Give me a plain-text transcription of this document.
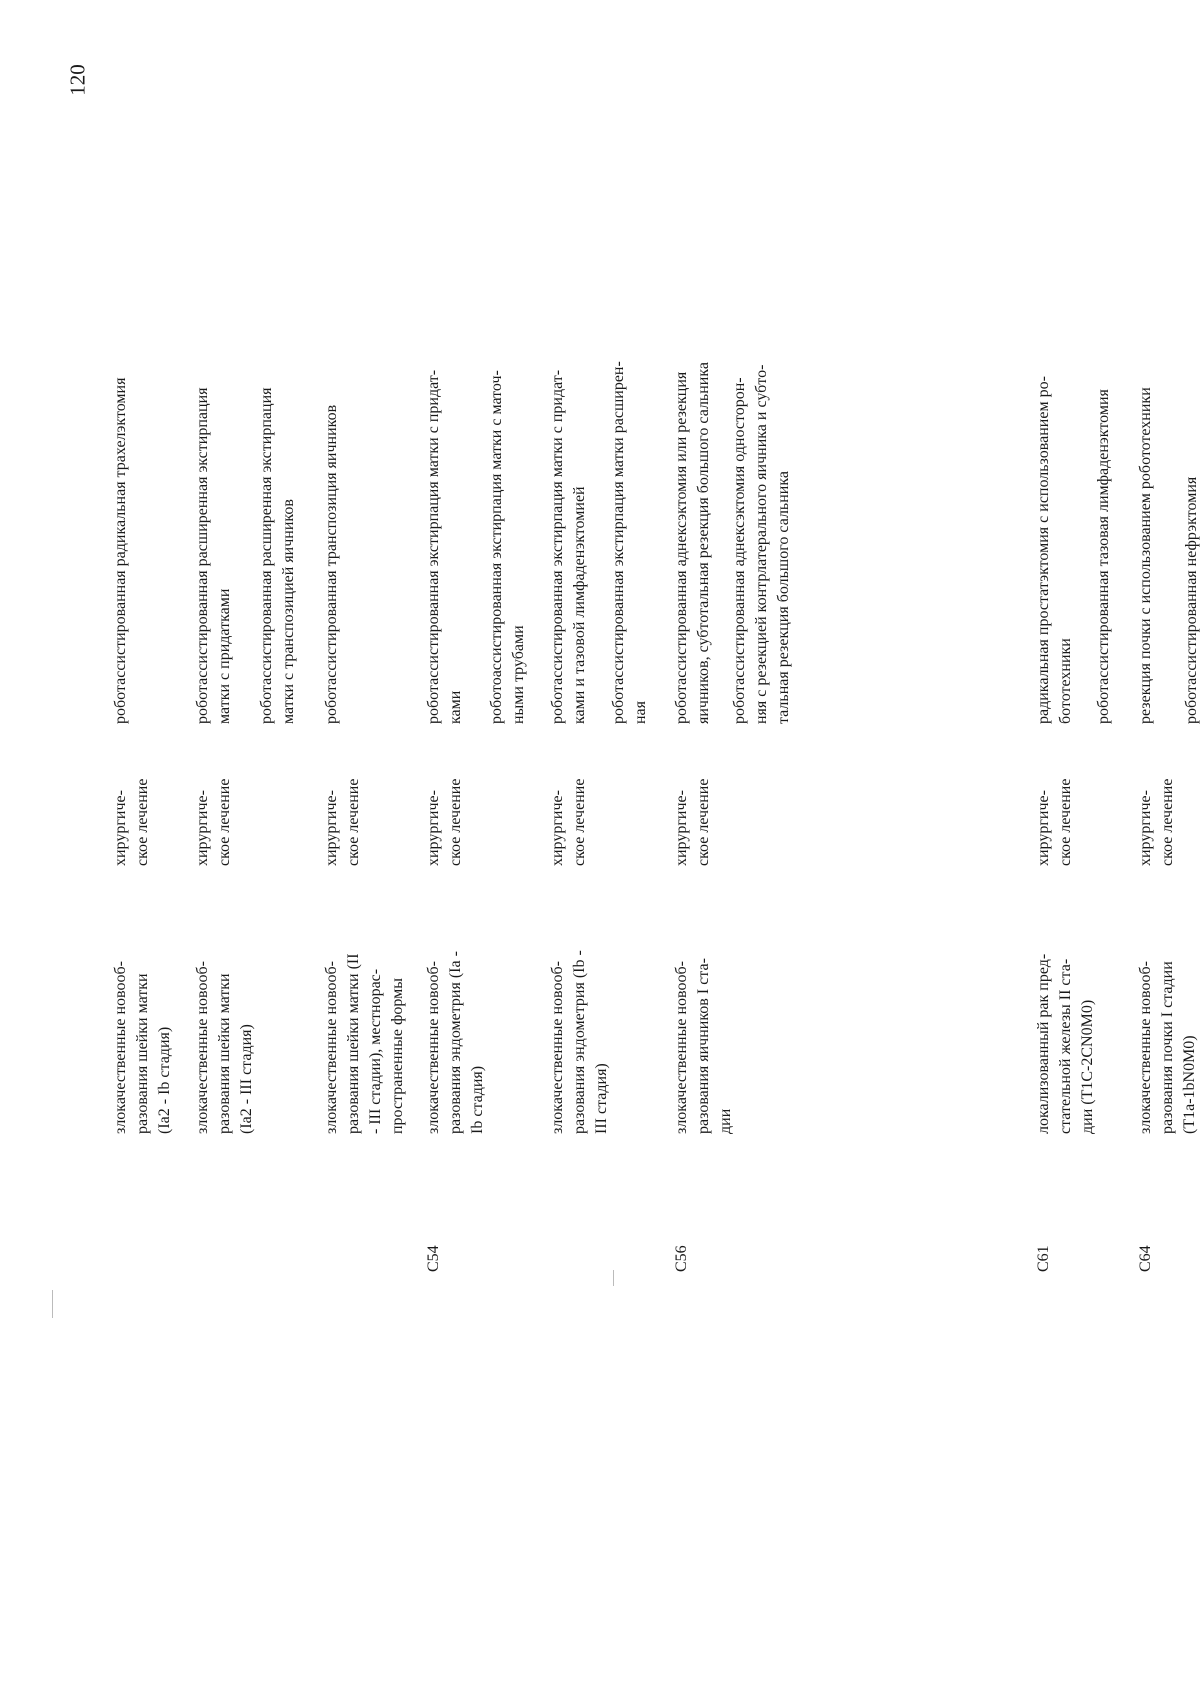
120
злокачественные новооб- разования шейки матки (Ia2 - Ib стадия)
хирургиче- ское лечение
роботассистированная радикальная трахелэктомия
злокачественные новооб- разования шейки матки (Ia2 - III стадия)
хирургиче- ское лечение
роботассистированная расширенная экстирпация матки с придатками роботассистированная расширенная экстирпация матки с транспозицией яичников
злокачественные новооб- разования шейки матки (II - III стадии), местнорас- пространенные формы
хирургиче- ское лечение
роботассистированная транспозиция яичников
C54
злокачественные новооб- разования эндометрия (Ia - Ib стадия)
хирургиче- ское лечение
роботассистированная экстирпация матки с придат- ками роботоассистированная экстирпация матки с маточ- ными трубами
злокачественные новооб- разования эндометрия (Ib - III стадия)
хирургиче- ское лечение
роботассистированная экстирпация матки с придат- ками и тазовой лимфаденэктомией роботассистированная экстирпация матки расширен- ная
C56
злокачественные новооб- разования яичников I ста- дии
хирургиче- ское лечение
роботассистированная аднексэктомия или резекция яичников, субтотальная резекция большого сальника роботассистированная аднексэктомия односторон- няя с резекцией контрлатерального яичника и субто- тальная резекция большого сальника
C61
локализованный рак пред- стательной железы II ста- дии (T1C-2CN0M0)
хирургиче- ское лечение
радикальная простатэктомия с использованием ро- бототехники роботассистированная тазовая лимфаденэктомия
C64
злокачественные новооб- разования почки I стадии (T1a-1bN0M0)
хирургиче- ское лечение
резекция почки с использованием робототехники роботассистированная нефрэктомия
